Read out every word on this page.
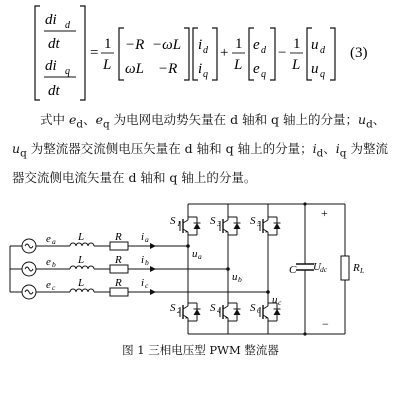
di d
dt
di q
dt
=
1
L
−R −ωL
ωL −R
i d
i q
+
1
L
e d
e q
−
1
L
u d
u q
(3)

式中 $e_d$、$e_q$ 为电网电动势矢量在 d 轴和 q 轴上的分量；$u_d$、$u_q$ 为整流器交流侧电压矢量在 d 轴和 q 轴上的分量；$i_d$、$i_q$ 为整流器交流侧电流矢量在 d 轴和 q 轴上的分量。

e a
e b
e c
L
L
L
R
R
R
i a
i b
i c
u a
u b
u c
S 1	S 3	S 5
S 2	S 4	S 6
C U dc R L
+
−

图 1 三相电压型 PWM 整流器
